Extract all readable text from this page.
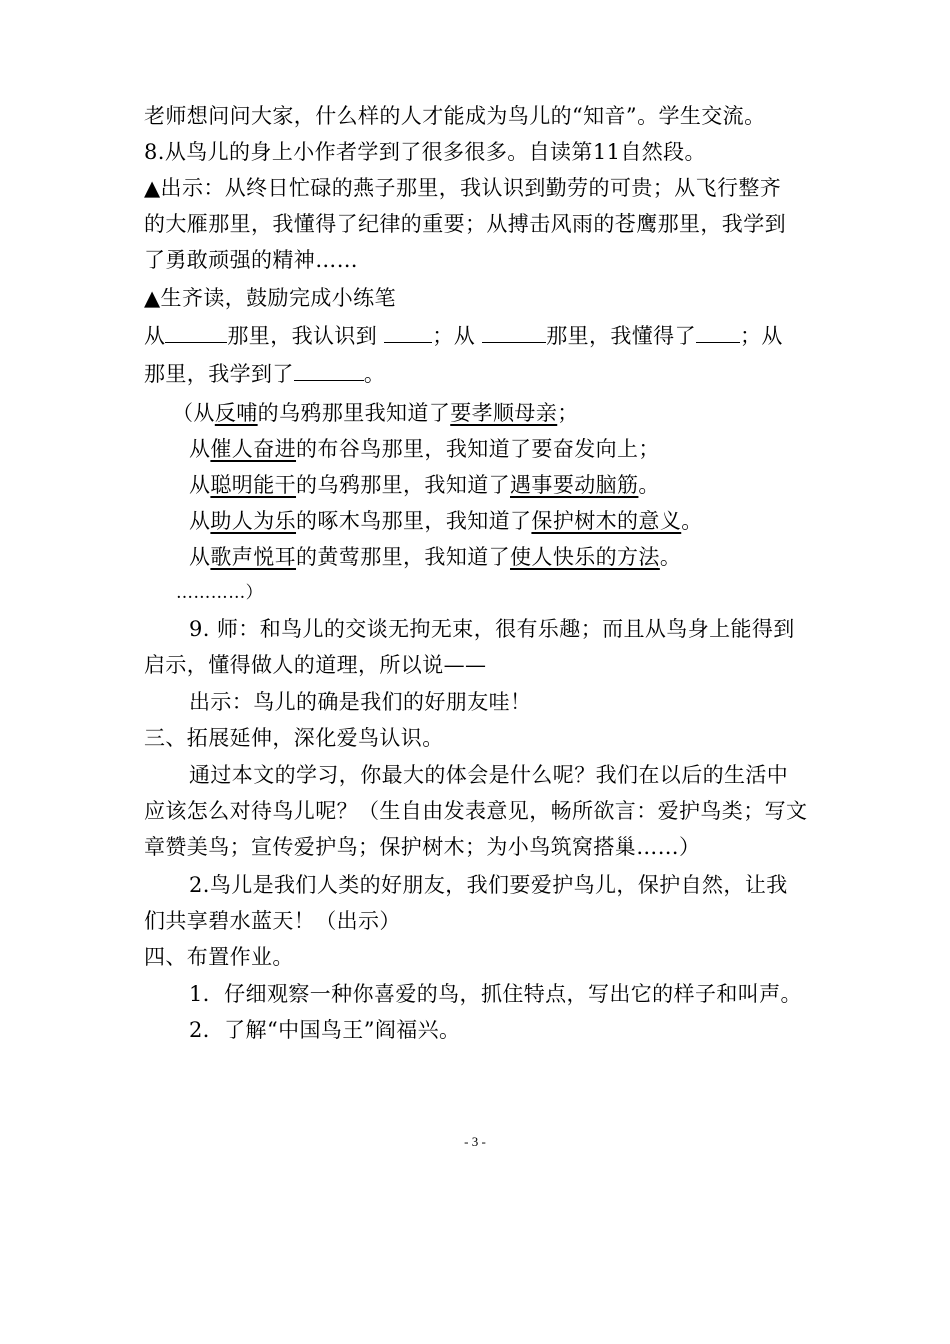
老师想问问大家，什么样的人才能成为鸟儿的“知音”。学生交流。
8.从鸟儿的身上小作者学到了很多很多。自读第11自然段。
▲出示：从终日忙碌的燕子那里，我认识到勤劳的可贵；从飞行整齐
的大雁那里，我懂得了纪律的重要；从搏击风雨的苍鹰那里，我学到
了勇敢顽强的精神……
▲生齐读，鼓励完成小练笔
从	那里，我认识到	；从	那里，我懂得了 ；从
那里，我学到了	。
（从反哺的乌鸦那里我知道了要孝顺母亲；
从催人奋进的布谷鸟那里，我知道了要奋发向上；
从聪明能干的乌鸦那里，我知道了遇事要动脑筋。
从助人为乐的啄木鸟那里，我知道了保护树木的意义。
从歌声悦耳的黄莺那里，我知道了使人快乐的方法。
…………）
9. 师：和鸟儿的交谈无拘无束，很有乐趣；而且从鸟身上能得到
启示，懂得做人的道理，所以说——
出示：鸟儿的确是我们的好朋友哇！
三、拓展延伸，深化爱鸟认识。
通过本文的学习，你最大的体会是什么呢？我们在以后的生活中
应该怎么对待鸟儿呢？（生自由发表意见，畅所欲言：爱护鸟类；写文
章赞美鸟；宣传爱护鸟；保护树木；为小鸟筑窝搭巢……）
2.鸟儿是我们人类的好朋友，我们要爱护鸟儿，保护自然，让我
们共享碧水蓝天！（出示）
四、布置作业。
1．仔细观察一种你喜爱的鸟，抓住特点，写出它的样子和叫声。
2．了解“中国鸟王”阎福兴。
- 3 -
